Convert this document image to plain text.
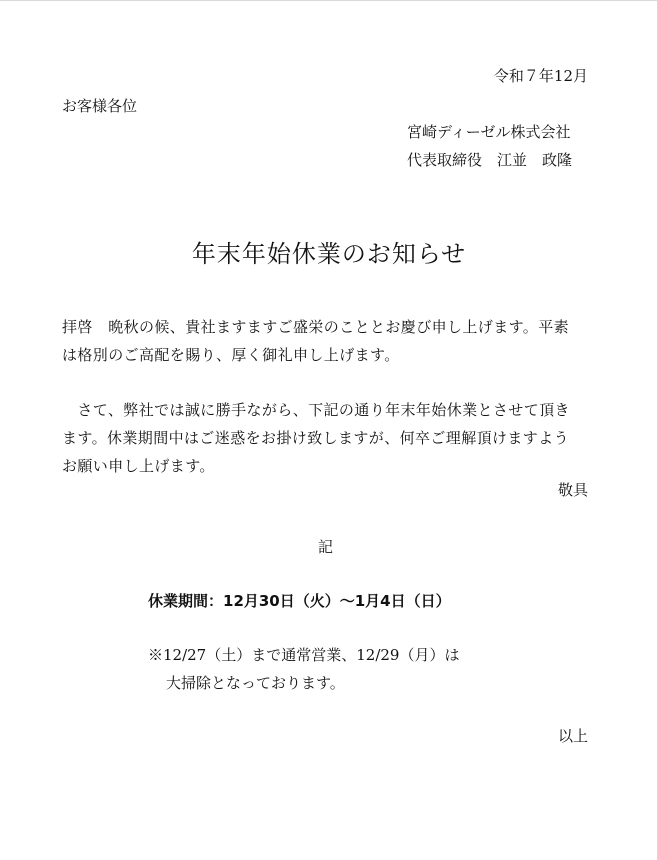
令和７年12月
お客様各位
宮崎ディーゼル株式会社
代表取締役　江並　政隆
年末年始休業のお知らせ
拝啓　晩秋の候、貴社ますますご盛栄のこととお慶び申し上げます。平素
は格別のご高配を賜り、厚く御礼申し上げます。
　さて、弊社では誠に勝手ながら、下記の通り年末年始休業とさせて頂き
ます。休業期間中はご迷惑をお掛け致しますが、何卒ご理解頂けますよう
お願い申し上げます。
敬具
記
休業期間：12月30日（火）～1月4日（日）
※12/27（土）まで通常営業、12/29（月）は
大掃除となっております。
以上
